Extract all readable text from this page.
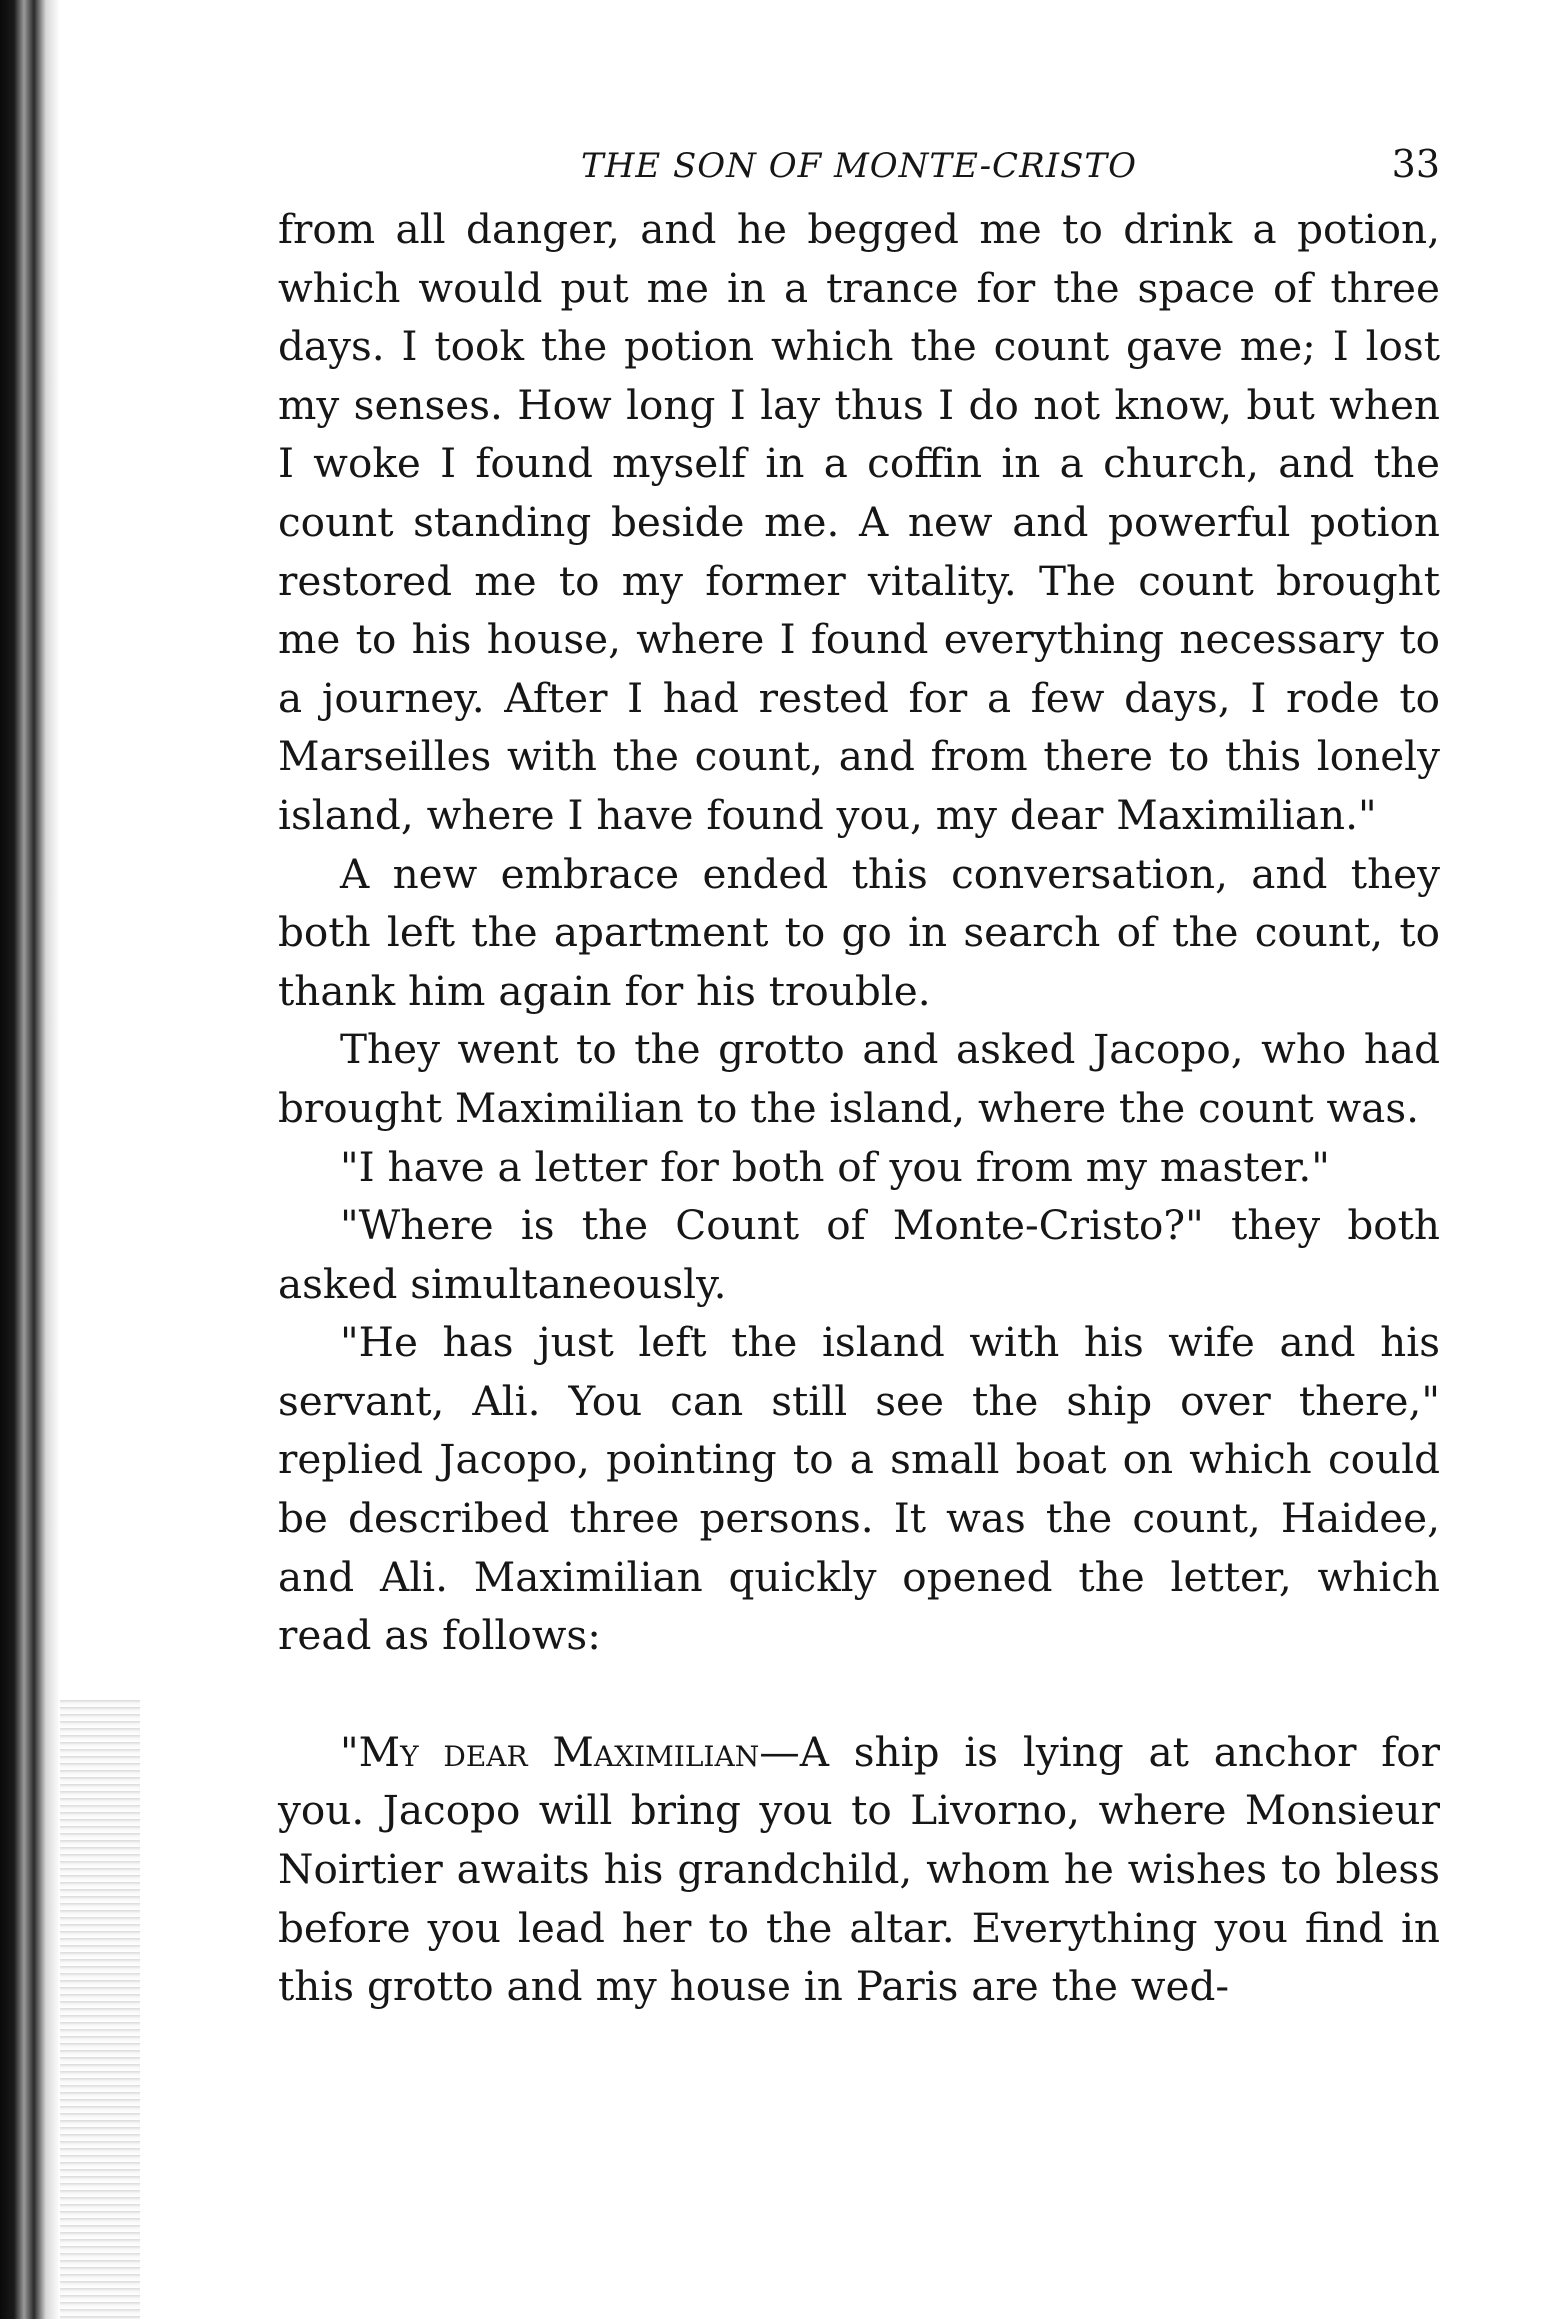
THE SON OF MONTE-CRISTO	33

from all danger, and he begged me to drink a potion, which would put me in a trance for the space of three days. I took the potion which the count gave me; I lost my senses. How long I lay thus I do not know, but when I woke I found myself in a coffin in a church, and the count standing beside me. A new and powerful potion restored me to my former vitality. The count brought me to his house, where I found everything necessary to a journey. After I had rested for a few days, I rode to Marseilles with the count, and from there to this lonely island, where I have found you, my dear Maximilian."

A new embrace ended this conversation, and they both left the apartment to go in search of the count, to thank him again for his trouble.

They went to the grotto and asked Jacopo, who had brought Maximilian to the island, where the count was.

"I have a letter for both of you from my master."

"Where is the Count of Monte-Cristo?" they both asked simultaneously.

"He has just left the island with his wife and his servant, Ali. You can still see the ship over there," replied Jacopo, pointing to a small boat on which could be described three persons. It was the count, Haidee, and Ali. Maximilian quickly opened the letter, which read as follows:

"My dear Maximilian—A ship is lying at anchor for you. Jacopo will bring you to Livorno, where Monsieur Noirtier awaits his grandchild, whom he wishes to bless before you lead her to the altar. Everything you find in this grotto and my house in Paris are the wed-
